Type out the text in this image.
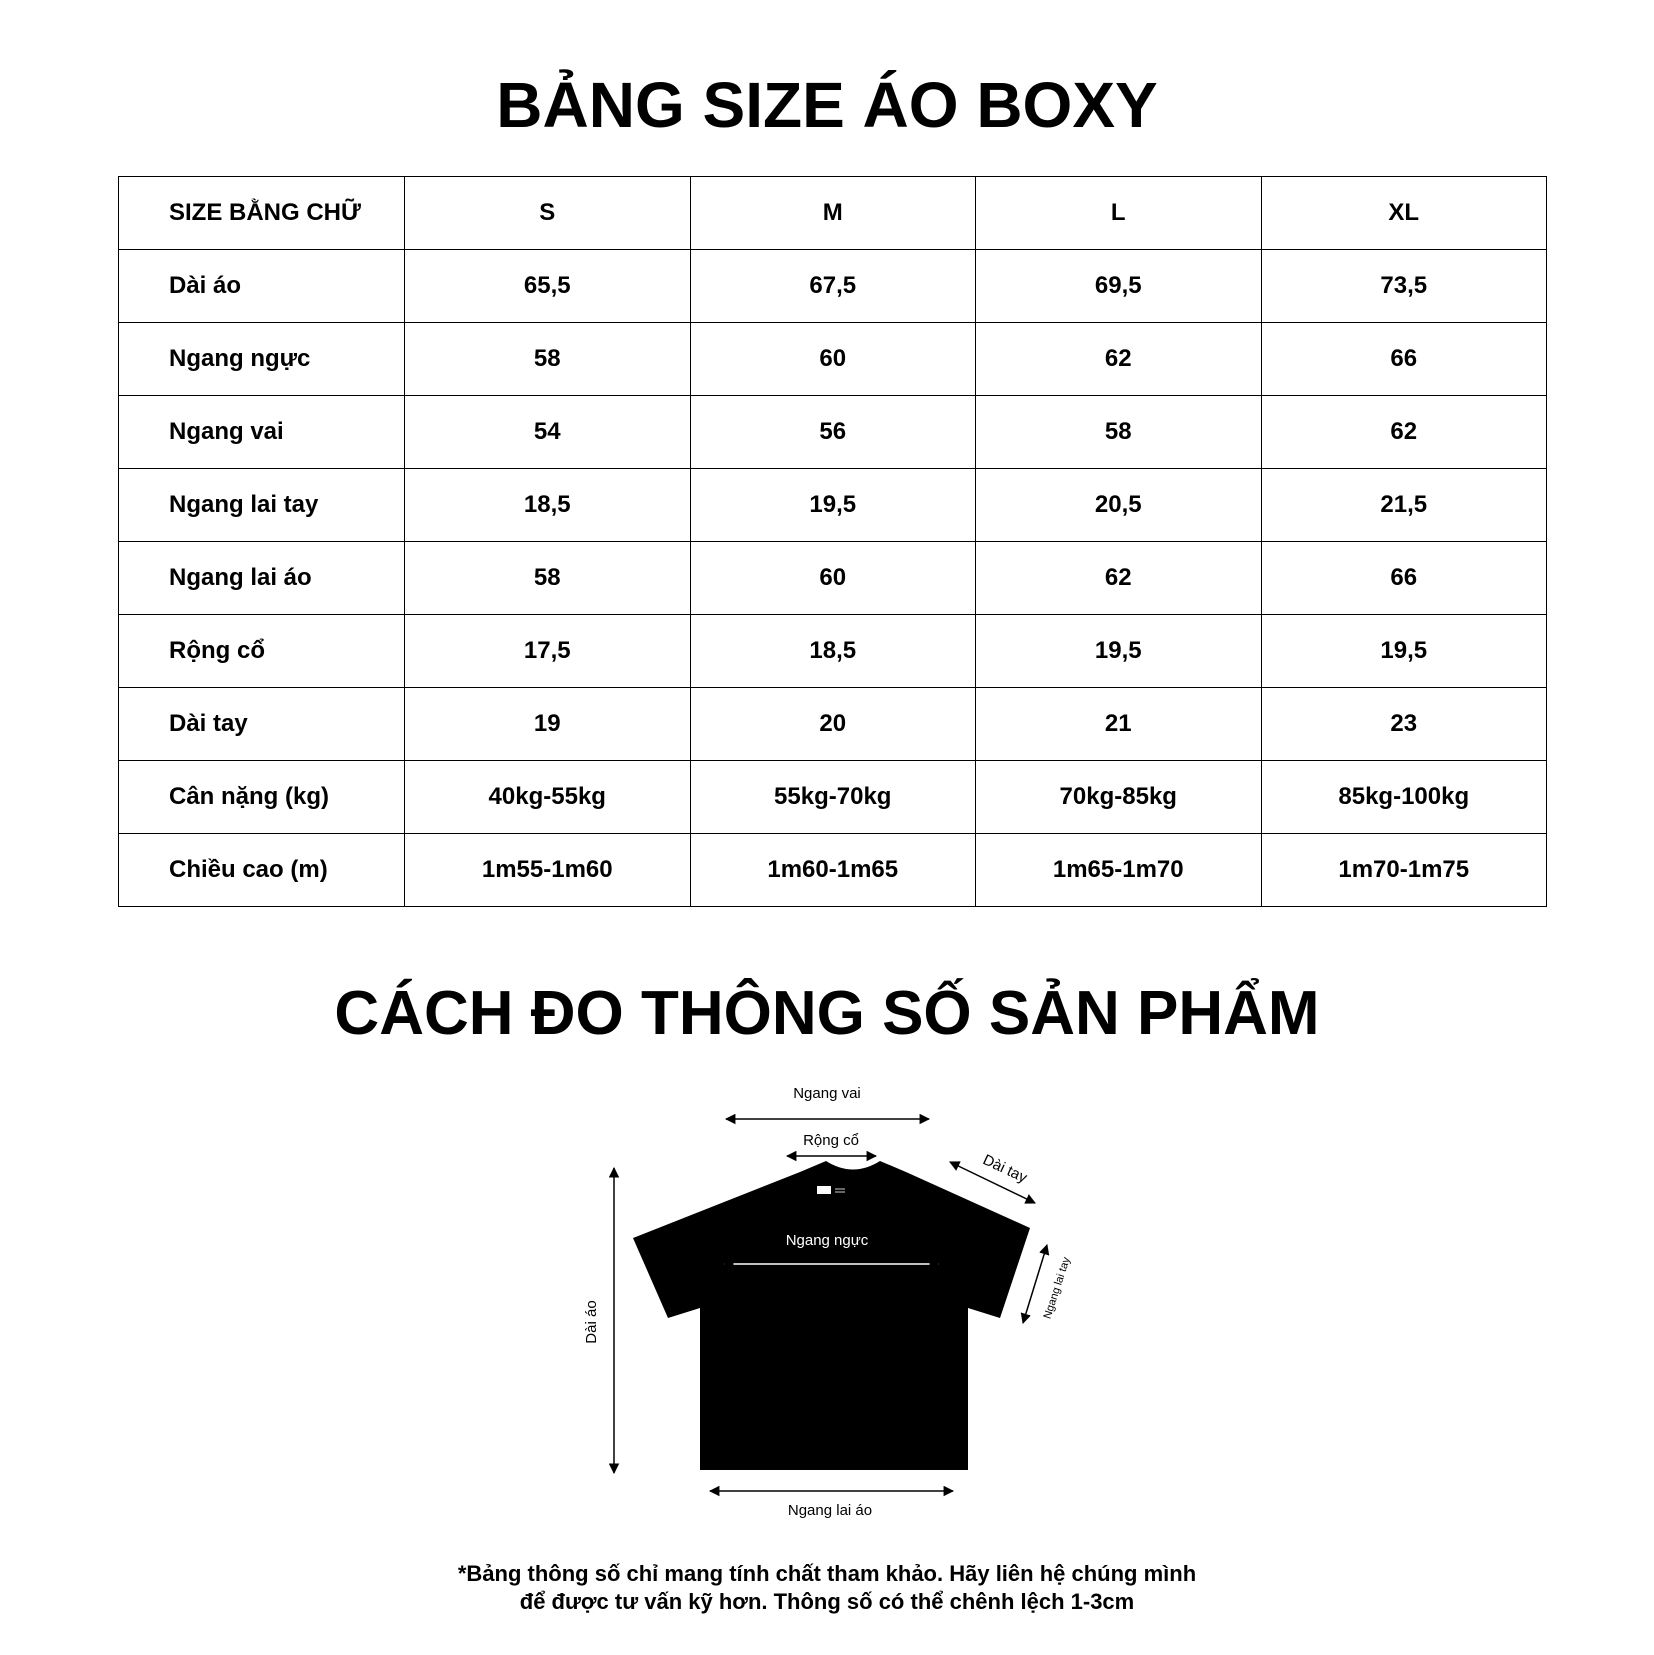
BẢNG SIZE ÁO BOXY
SIZE BẰNG CHỮ	S	M	L	XL
Dài áo	65,5	67,5	69,5	73,5
Ngang ngực	58	60	62	66
Ngang vai	54	56	58	62
Ngang lai tay	18,5	19,5	20,5	21,5
Ngang lai áo	58	60	62	66
Rộng cổ	17,5	18,5	19,5	19,5
Dài tay	19	20	21	23
Cân nặng (kg)	40kg-55kg	55kg-70kg	70kg-85kg	85kg-100kg
Chiều cao (m)	1m55-1m60	1m60-1m65	1m65-1m70	1m70-1m75
CÁCH ĐO THÔNG SỐ SẢN PHẨM
Ngang vai
Rộng cổ
Dài tay
Ngang ngực
Ngang lai tay
Dài áo
Ngang lai áo
*Bảng thông số chỉ mang tính chất tham khảo. Hãy liên hệ chúng mình
để được tư vấn kỹ hơn. Thông số có thể chênh lệch 1-3cm
